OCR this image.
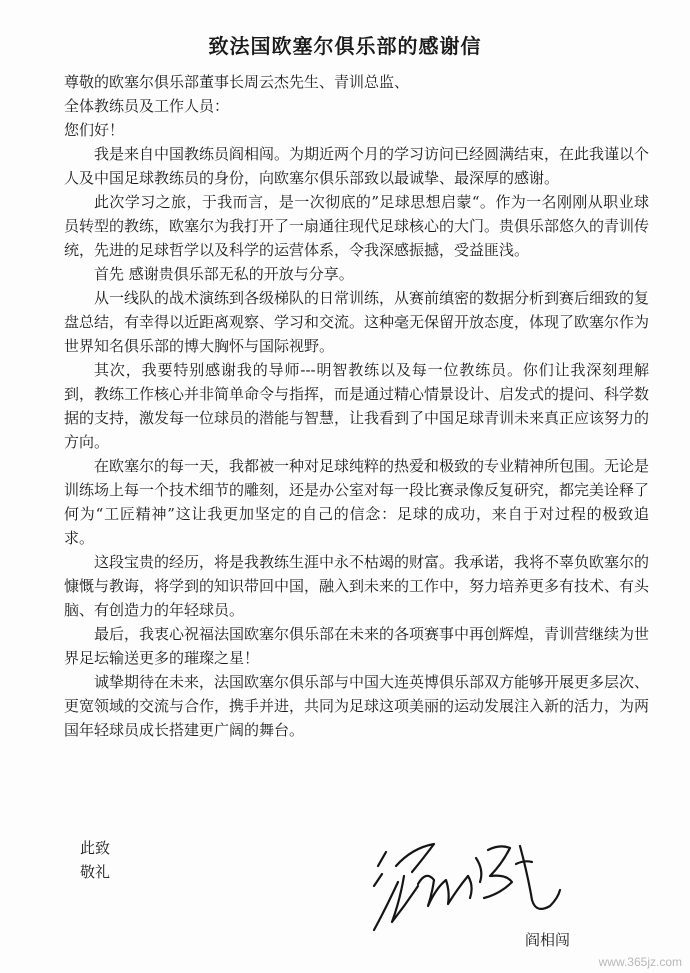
致法国欧塞尔俱乐部的感谢信

尊敬的欧塞尔俱乐部董事长周云杰先生、青训总监、

全体教练员及工作人员：

您们好！

我是来自中国教练员阎相闯。为期近两个月的学习访问已经圆满结束，在此我谨以个人及中国足球教练员的身份，向欧塞尔俱乐部致以最诚挚、最深厚的感谢。

此次学习之旅，于我而言，是一次彻底的”足球思想启蒙“。作为一名刚刚从职业球员转型的教练，欧塞尔为我打开了一扇通往现代足球核心的大门。贵俱乐部悠久的青训传统，先进的足球哲学以及科学的运营体系，令我深感振撼，受益匪浅。

首先 感谢贵俱乐部无私的开放与分享。

从一线队的战术演练到各级梯队的日常训练，从赛前缜密的数据分析到赛后细致的复盘总结，有幸得以近距离观察、学习和交流。这种毫无保留开放态度，体现了欧塞尔作为世界知名俱乐部的博大胸怀与国际视野。

其次，我要特别感谢我的导师---明智教练以及每一位教练员。你们让我深刻理解到，教练工作核心并非简单命令与指挥，而是通过精心情景设计、启发式的提问、科学数据的支持，激发每一位球员的潜能与智慧，让我看到了中国足球青训未来真正应该努力的方向。

在欧塞尔的每一天，我都被一种对足球纯粹的热爱和极致的专业精神所包围。无论是训练场上每一个技术细节的雕刻，还是办公室对每一段比赛录像反复研究，都完美诠释了何为“工匠精神”这让我更加坚定的自己的信念：足球的成功，来自于对过程的极致追求。

这段宝贵的经历，将是我教练生涯中永不枯竭的财富。我承诺，我将不辜负欧塞尔的慷慨与教诲，将学到的知识带回中国，融入到未来的工作中，努力培养更多有技术、有头脑、有创造力的年轻球员。

最后，我衷心祝福法国欧塞尔俱乐部在未来的各项赛事中再创辉煌，青训营继续为世界足坛输送更多的璀璨之星！

诚挚期待在未来，法国欧塞尔俱乐部与中国大连英博俱乐部双方能够开展更多层次、更宽领域的交流与合作，携手并进，共同为足球这项美丽的运动发展注入新的活力，为两国年轻球员成长搭建更广阔的舞台。

此致
敬礼
阎相闯
www.365jz.com
